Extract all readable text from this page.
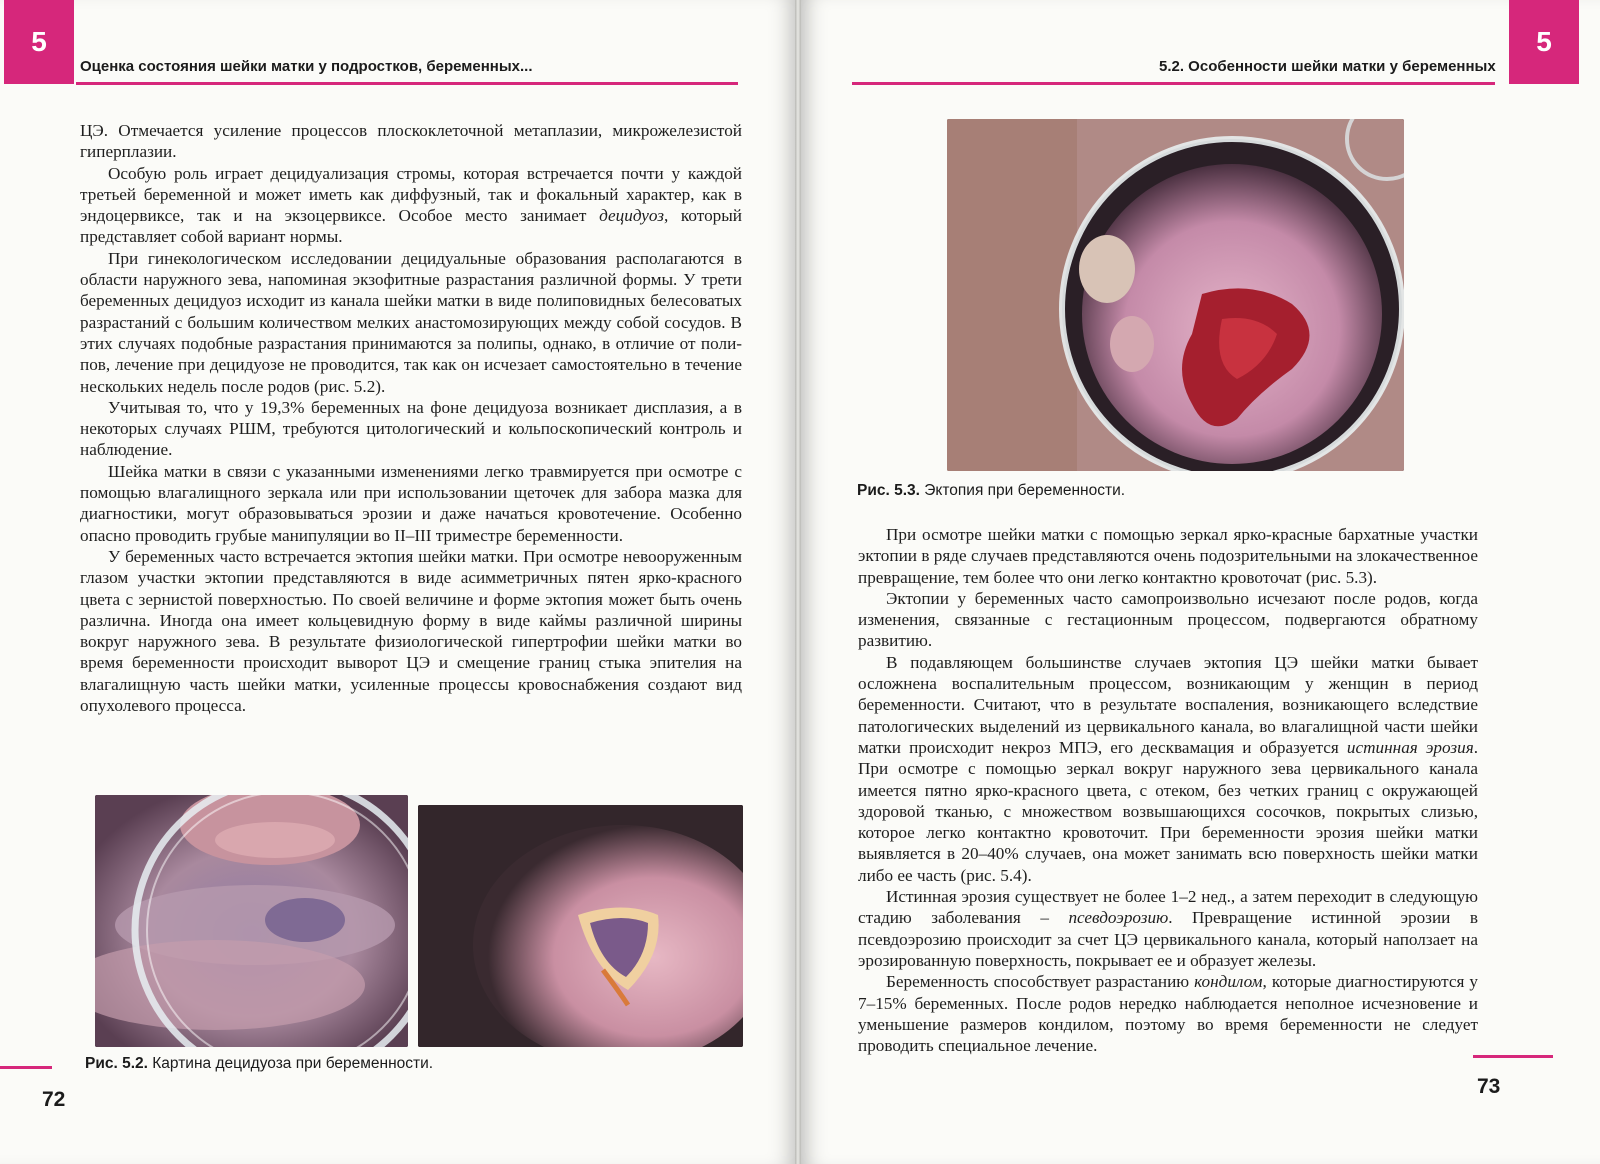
5
Оценка состояния шейки матки у подростков, беременных...

ЦЭ. Отмечается усиление процессов плоскоклеточной метаплазии, микрожелезистой гиперплазии.

Особую роль играет децидуализация стромы, которая встречается почти у каждой третьей беременной и может иметь как диффузный, так и фокальный характер, как в эндоцервиксе, так и на экзоцервиксе. Особое место занимает децидуоз, который представляет собой вариант нормы.

При гинекологическом исследовании децидуальные образования располагаются в области наружного зева, напоминая экзофитные разрастания различной формы. У трети беременных децидуоз исходит из канала шейки матки в виде полиповидных белесоватых разрастаний с большим количеством мелких анастомозирующих между собой сосудов. В этих случаях подобные разрастания принимаются за полипы, однако, в отличие от полипов, лечение при децидуозе не проводится, так как он исчезает самостоятельно в течение нескольких недель после родов (рис. 5.2).

Учитывая то, что у 19,3% беременных на фоне децидуоза возникает дисплазия, а в некоторых случаях РШМ, требуются цитологический и кольпоскопический контроль и наблюдение.

Шейка матки в связи с указанными изменениями легко травмируется при осмотре с помощью влагалищного зеркала или при использовании щеточек для забора мазка для диагностики, могут образовываться эрозии и даже начаться кровотечение. Особенно опасно проводить грубые манипуляции во II–III триместре беременности.

У беременных часто встречается эктопия шейки матки. При осмотре невооруженным глазом участки эктопии представляются в виде асимметричных пятен ярко-красного цвета с зернистой поверхностью. По своей величине и форме эктопия может быть очень различна. Иногда она имеет кольцевидную форму в виде каймы различной ширины вокруг наружного зева. В результате физиологической гипертрофии шейки матки во время беременности происходит выворот ЦЭ и смещение границ стыка эпителия на влагалищную часть шейки матки, усиленные процессы кровоснабжения создают вид опухолевого процесса.

Рис. 5.2. Картина децидуоза при беременности.
72
5
5.2. Особенности шейки матки у беременных
Рис. 5.3. Эктопия при беременности.

При осмотре шейки матки с помощью зеркал ярко-красные бархатные участки эктопии в ряде случаев представляются очень подозрительными на злокачественное превращение, тем более что они легко контактно кровоточат (рис. 5.3).

Эктопии у беременных часто самопроизвольно исчезают после родов, когда изменения, связанные с гестационным процессом, подвергаются обратному развитию.

В подавляющем большинстве случаев эктопия ЦЭ шейки матки бывает осложнена воспалительным процессом, возникающим у женщин в период беременности. Считают, что в результате воспаления, возникающего вследствие патологических выделений из цервикального канала, во влагалищной части шейки матки происходит некроз МПЭ, его десквамация и образуется истинная эрозия. При осмотре с помощью зеркал вокруг наружного зева цервикального канала имеется пятно ярко-красного цвета, с отеком, без четких границ с окружающей здоровой тканью, с множеством возвышающихся сосочков, покрытых слизью, которое легко контактно кровоточит. При беременности эрозия шейки матки выявляется в 20–40% случаев, она может занимать всю поверхность шейки матки либо ее часть (рис. 5.4).

Истинная эрозия существует не более 1–2 нед., а затем переходит в следующую стадию заболевания – псевдоэрозию. Превращение истинной эрозии в псевдоэрозию происходит за счет ЦЭ цервикального канала, который наползает на эрозированную поверхность, покрывает ее и образует железы.

Беременность способствует разрастанию кондилом, которые диагностируются у 7–15% беременных. После родов нередко наблюдается неполное исчезновение и уменьшение размеров кондилом, поэтому во время беременности не следует проводить специальное лечение.

73
